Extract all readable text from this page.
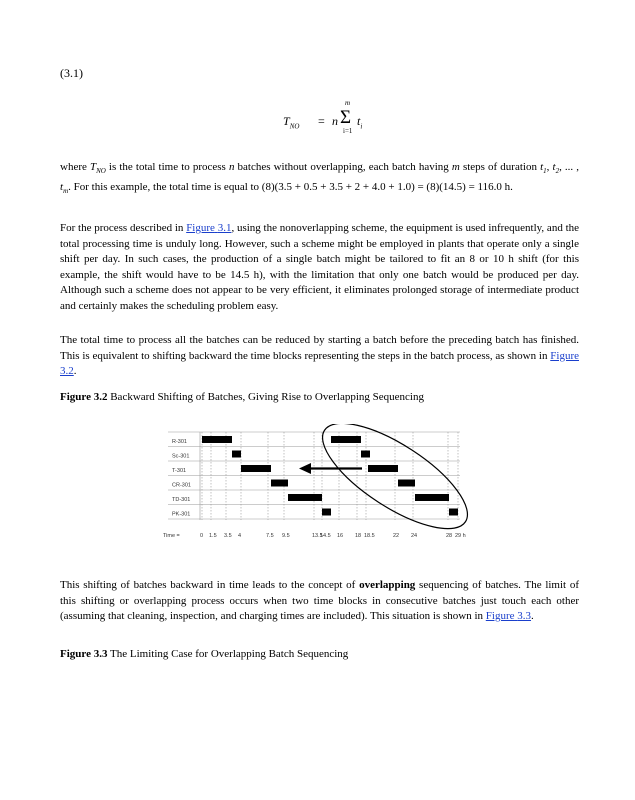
(3.1)
$T_{NO} = n$
m
Σ
i=1
$t_i$

where $T_{NO}$ is the total time to process n batches without overlapping, each batch having m steps of duration $t_1$, $t_2$, ... , $t_m$. For this example, the total time is equal to (8)(3.5 + 0.5 + 3.5 + 2 + 4.0 + 1.0) = (8)(14.5) = 116.0 h.

For the process described in Figure 3.1, using the nonoverlapping scheme, the equipment is used infrequently, and the total processing time is unduly long. However, such a scheme might be employed in plants that operate only a single shift per day. In such cases, the production of a single batch might be tailored to fit an 8 or 10 h shift (for this example, the shift would have to be 14.5 h), with the limitation that only one batch would be produced per day. Although such a scheme does not appear to be very efficient, it eliminates prolonged storage of intermediate product and certainly makes the scheduling problem easy.

The total time to process all the batches can be reduced by starting a batch before the preceding batch has finished. This is equivalent to shifting backward the time blocks representing the steps in the batch process, as shown in Figure 3.2.

Figure 3.2 Backward Shifting of Batches, Giving Rise to Overlapping Sequencing
R-301
Sc-301
T-301
CR-301
TD-301
PK-301
Time =	0 1.5 3.5 4	7.5 9.5	13.5
14.5 16 18 18.5	22 24	28 29 h

This shifting of batches backward in time leads to the concept of overlapping sequencing of batches. The limit of this shifting or overlapping process occurs when two time blocks in consecutive batches just touch each other (assuming that cleaning, inspection, and charging times are included). This situation is shown in Figure 3.3.

Figure 3.3 The Limiting Case for Overlapping Batch Sequencing
